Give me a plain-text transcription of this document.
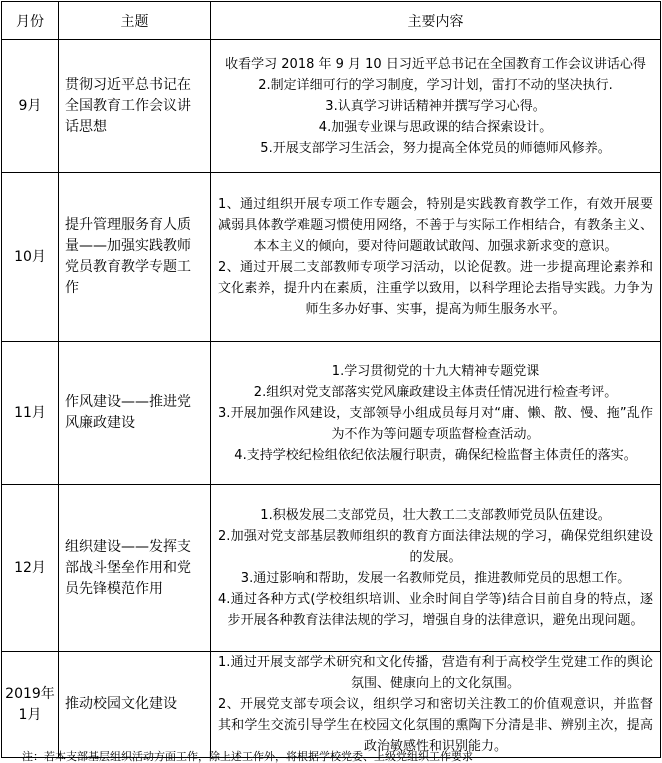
月份	主题	主要内容
9月	贯彻习近平总书记在全国教育工作会议讲话思想	收看学习 2018 年 9 月 10 日习近平总书记在全国教育工作会议讲话心得

2.制定详细可行的学习制度，学习计划，雷打不动的坚决执行.

3.认真学习讲话精神并撰写学习心得。

4.加强专业课与思政课的结合探索设计。

5.开展支部学习生活会，努力提高全体党员的师德师风修养。

10月	提升管理服务育人质量——加强实践教师党员教育教学专题工作	1、通过组织开展专项工作专题会，特别是实践教育教学工作，有效开展要减弱具体教学难题习惯使用网络，不善于与实际工作相结合，有教条主义、本本主义的倾向，要对待问题敢试敢闯、加强求新求变的意识。

2、通过开展二支部教师专项学习活动，以论促教。进一步提高理论素养和文化素养，提升内在素质，注重学以致用，以科学理论去指导实践。力争为师生多办好事、实事，提高为师生服务水平。

11月	作风建设——推进党风廉政建设	1.学习贯彻党的十九大精神专题党课

2.组织对党支部落实党风廉政建设主体责任情况进行检查考评。

3.开展加强作风建设，支部领导小组成员每月对“庸、懒、散、慢、拖”乱作为不作为等问题专项监督检查活动。

4.支持学校纪检组依纪依法履行职责，确保纪检监督主体责任的落实。

12月	组织建设——发挥支部战斗堡垒作用和党员先锋模范作用	1.积极发展二支部党员，壮大教工二支部教师党员队伍建设。

2.加强对党支部基层教师组织的教育方面法律法规的学习，确保党组织建设的发展。

3.通过影响和帮助，发展一名教师党员，推进教师党员的思想工作。

4.通过各种方式(学校组织培训、业余时间自学等)结合目前自身的特点，逐步开展各种教育法律法规的学习，增强自身的法律意识，避免出现问题。

2019年1月	推动校园文化建设	1.通过开展支部学术研究和文化传播，营造有利于高校学生党建工作的舆论氛围、健康向上的文化氛围。

2、开展党支部专项会议，组织学习和密切关注教工的价值观意识，并监督其和学生交流引导学生在校园文化氛围的熏陶下分清是非、辨别主次，提高政治敏感性和识别能力。

注：若本支部基层组织活动方面工作，除上述工作外，将根据学校党委、上级党组织工作要求
